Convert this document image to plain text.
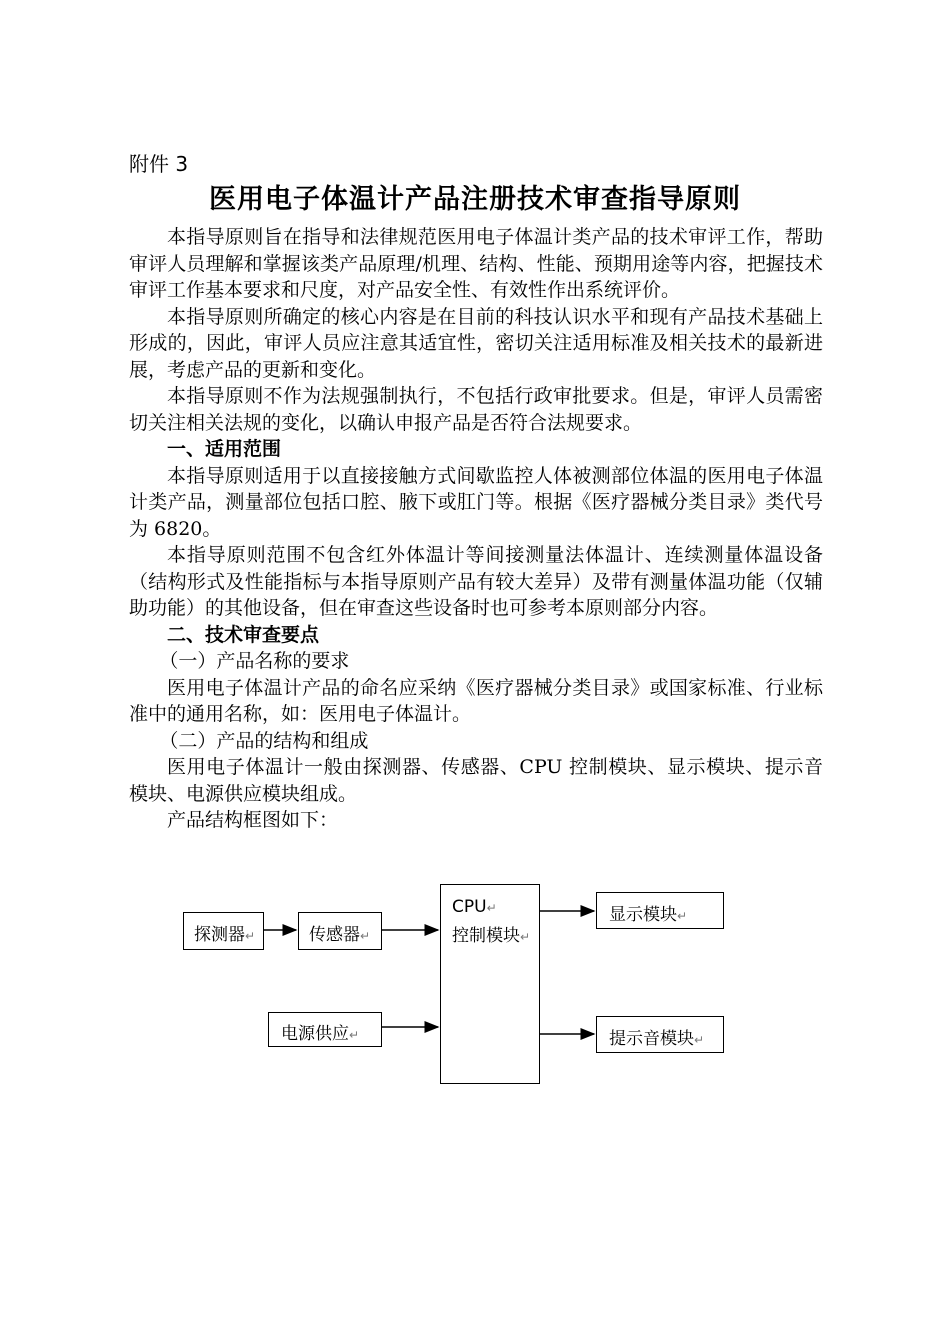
附件 3
医用电子体温计产品注册技术审查指导原则

本指导原则旨在指导和法律规范医用电子体温计类产品的技术审评工作，帮助审评人员理解和掌握该类产品原理/机理、结构、性能、预期用途等内容，把握技术审评工作基本要求和尺度，对产品安全性、有效性作出系统评价。

本指导原则所确定的核心内容是在目前的科技认识水平和现有产品技术基础上形成的，因此，审评人员应注意其适宜性，密切关注适用标准及相关技术的最新进展，考虑产品的更新和变化。

本指导原则不作为法规强制执行，不包括行政审批要求。但是，审评人员需密切关注相关法规的变化，以确认申报产品是否符合法规要求。

一、适用范围

本指导原则适用于以直接接触方式间歇监控人体被测部位体温的医用电子体温计类产品，测量部位包括口腔、腋下或肛门等。根据《医疗器械分类目录》类代号为 6820。

本指导原则范围不包含红外体温计等间接测量法体温计、连续测量体温设备（结构形式及性能指标与本指导原则产品有较大差异）及带有测量体温功能（仅辅助功能）的其他设备，但在审查这些设备时也可参考本原则部分内容。

二、技术审查要点

（一）产品名称的要求

医用电子体温计产品的命名应采纳《医疗器械分类目录》或国家标准、行业标准中的通用名称，如：医用电子体温计。

（二）产品的结构和组成

医用电子体温计一般由探测器、传感器、CPU 控制模块、显示模块、提示音模块、电源供应模块组成。

产品结构框图如下：

探测器↵	传感器↵
电源供应↵
CPU↵
控制模块↵
显示模块↵
提示音模块↵
